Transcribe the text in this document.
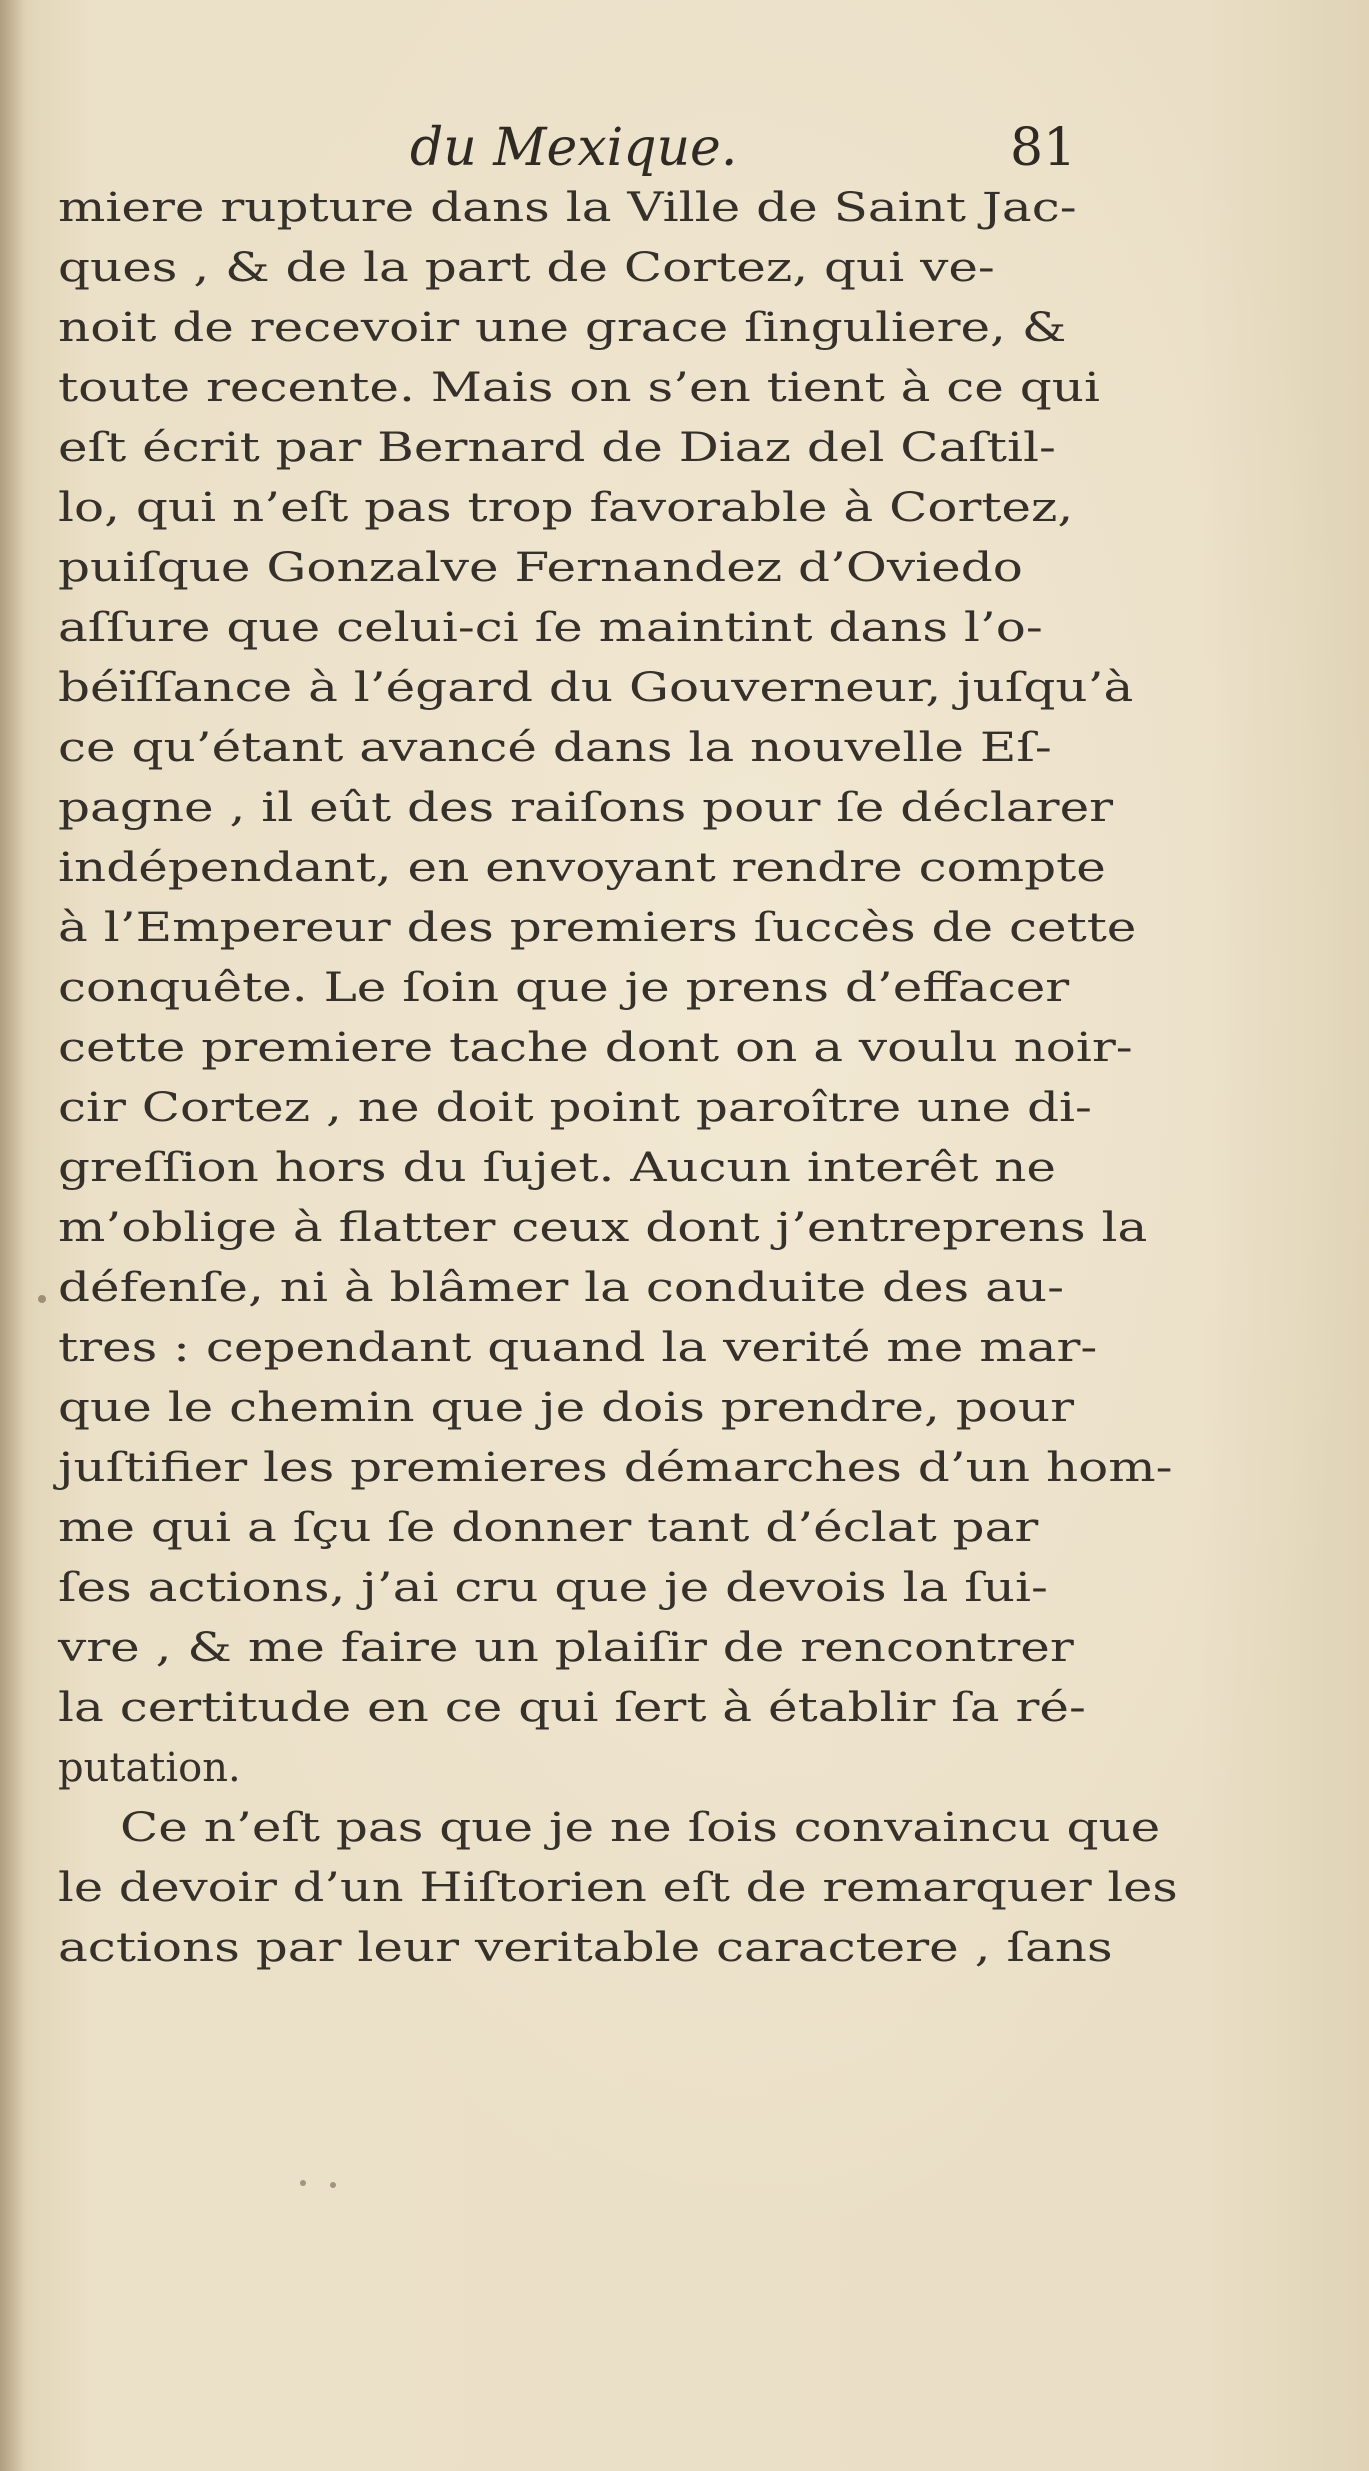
du Mexique.	81
miere rupture dans la Ville de Saint Jac-
ques , & de la part de Cortez, qui ve-
noit de recevoir une grace ſinguliere, &
toute recente. Mais on s’en tient à ce qui
eſt écrit par Bernard de Diaz del Caſtil-
lo, qui n’eſt pas trop favorable à Cortez,
puiſque Gonzalve Fernandez d’Oviedo
aſſure que celui-ci ſe maintint dans l’o-
béïſſance à l’égard du Gouverneur, juſqu’à
ce qu’étant avancé dans la nouvelle Eſ-
pagne , il eût des raiſons pour ſe déclarer
indépendant, en envoyant rendre compte
à l’Empereur des premiers ſuccès de cette
conquête. Le ſoin que je prens d’effacer
cette premiere tache dont on a voulu noir-
cir Cortez , ne doit point paroître une di-
greſſion hors du ſujet. Aucun interêt ne
m’oblige à flatter ceux dont j’entreprens la
défenſe, ni à blâmer la conduite des au-
tres : cependant quand la verité me mar-
que le chemin que je dois prendre, pour
juſtifier les premieres démarches d’un hom-
me qui a ſçu ſe donner tant d’éclat par
ſes actions, j’ai cru que je devois la ſui-
vre , & me faire un plaiſir de rencontrer
la certitude en ce qui ſert à établir ſa ré-
putation.
Ce n’eſt pas que je ne ſois convaincu que
le devoir d’un Hiſtorien eſt de remarquer les
actions par leur veritable caractere , ſans
